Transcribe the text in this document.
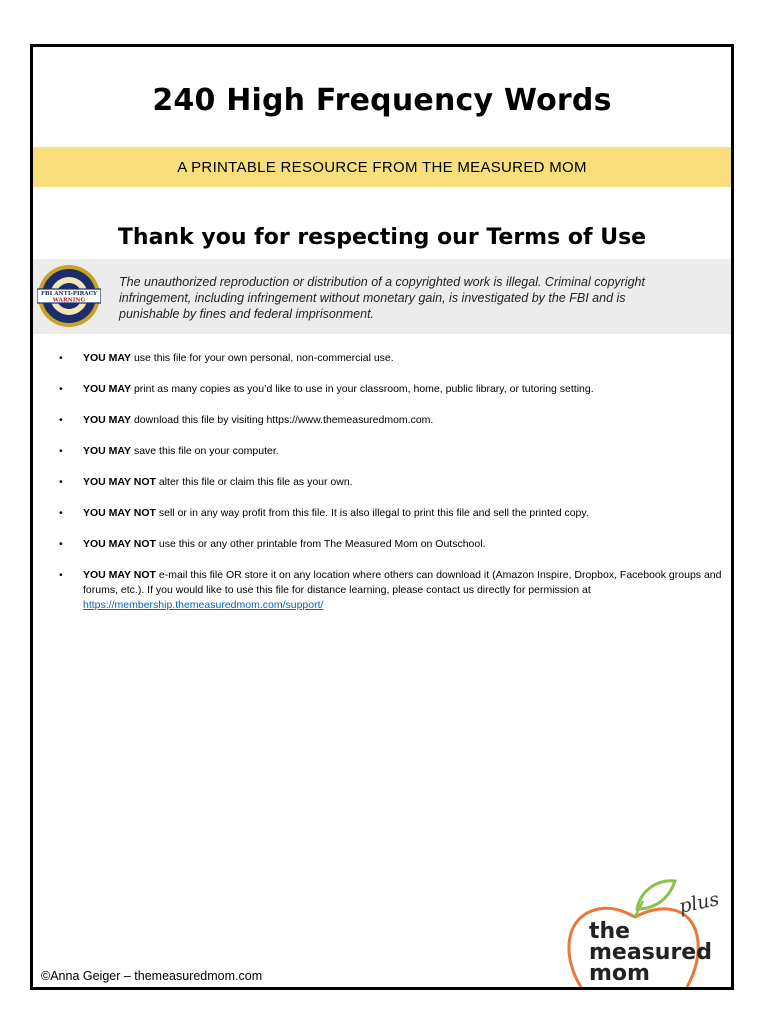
240 High Frequency Words
A PRINTABLE RESOURCE FROM THE MEASURED MOM
Thank you for respecting our Terms of Use
FBI ANTI-PIRACY
WARNING
The unauthorized reproduction or distribution of a copyrighted work is illegal. Criminal copyright infringement, including infringement without monetary gain, is investigated by the FBI and is punishable by fines and federal imprisonment.
• YOU MAY use this file for your own personal, non-commercial use.
• YOU MAY print as many copies as you’d like to use in your classroom, home, public library, or tutoring setting.
• YOU MAY download this file by visiting https://www.themeasuredmom.com.
• YOU MAY save this file on your computer.
• YOU MAY NOT alter this file or claim this file as your own.
• YOU MAY NOT sell or in any way profit from this file. It is also illegal to print this file and sell the printed copy.
• YOU MAY NOT use this or any other printable from The Measured Mom on Outschool.
• YOU MAY NOT e-mail this file OR store it on any location where others can download it (Amazon Inspire, Dropbox, Facebook groups and forums, etc.). If you would like to use this file for distance learning, please contact us directly for permission at https://membership.themeasuredmom.com/support/
©Anna Geiger – themeasuredmom.com
the
measured
mom
plus
